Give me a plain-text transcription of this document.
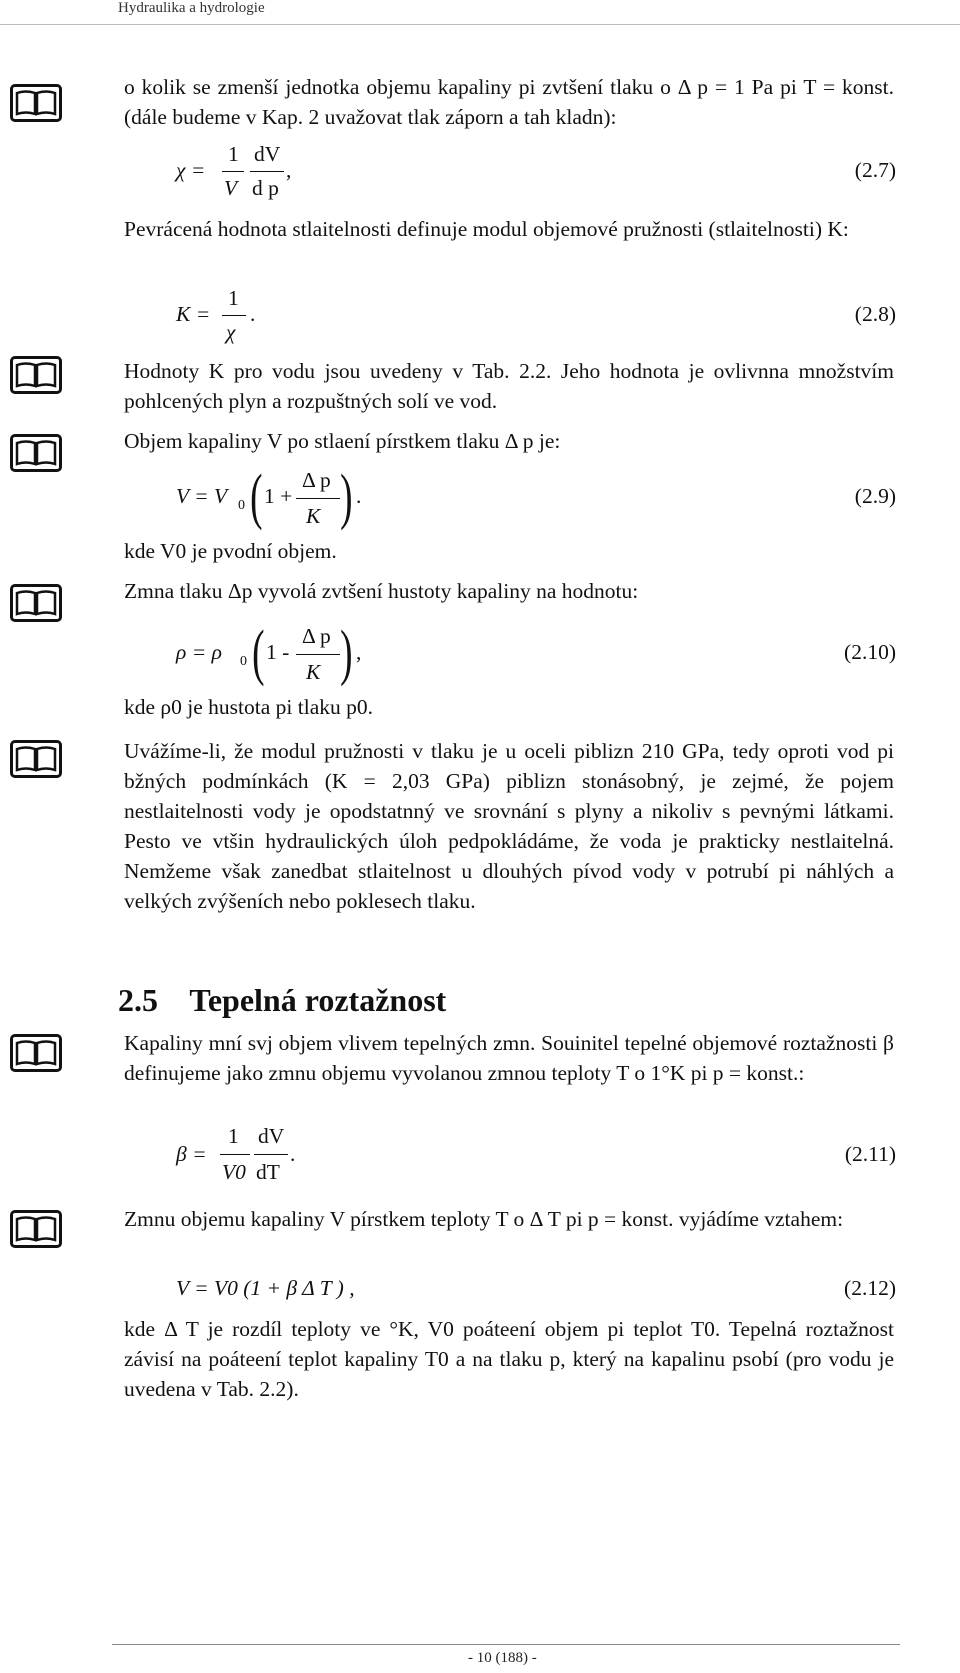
Hydraulika a hydrologie

o kolik se zmenší jednotka objemu kapaliny pi zvtšení tlaku o Δ p = 1 Pa pi T = konst. (dále budeme v Kap. 2 uvažovat tlak záporn a tah kladn):

χ =
1
V
dV
d p
,	(2.7)

Pevrácená hodnota stlaitelnosti definuje modul objemové pružnosti (stlaitelnosti) K:

K =
1
χ
.	(2.8)

Hodnoty K pro vodu jsou uvedeny v Tab. 2.2. Jeho hodnota je ovlivnna množstvím pohlcených plyn a rozpuštných solí ve vod.

Objem kapaliny V po stlaení pírstkem tlaku Δ p je:

V = V 0 ( 1 +
Δ p
K ) .	(2.9)

kde V0 je pvodní objem.

Zmna tlaku Δp vyvolá zvtšení hustoty kapaliny na hodnotu:

ρ = ρ 0 ( 1 -
Δ p
K ) ,	(2.10)

kde ρ0 je hustota pi tlaku p0.

Uvážíme-li, že modul pružnosti v tlaku je u oceli piblizn 210 GPa, tedy oproti vod pi bžných podmínkách (K = 2,03 GPa) piblizn stonásobný, je zejmé, že pojem nestlaitelnosti vody je opodstatnný ve srovnání s plyny a nikoliv s pevnými látkami. Pesto ve vtšin hydraulických úloh pedpokládáme, že voda je prakticky nestlaitelná. Nemžeme však zanedbat stlaitelnost u dlouhých pívod vody v potrubí pi náhlých a velkých zvýšeních nebo poklesech tlaku.

2.5 Tepelná roztažnost

Kapaliny mní svj objem vlivem tepelných zmn. Souinitel tepelné objemové roztažnosti β definujeme jako zmnu objemu vyvolanou zmnou teploty T o 1°K pi p = konst.:

β =
1
V0
dV
dT
.	(2.11)

Zmnu objemu kapaliny V pírstkem teploty T o Δ T pi p = konst. vyjádíme vztahem:

V = V0 (1 + β Δ T ) ,	(2.12)

kde Δ T je rozdíl teploty ve °K, V0 poáteení objem pi teplot T0. Tepelná roztažnost závisí na poáteení teplot kapaliny T0 a na tlaku p, který na kapalinu psobí (pro vodu je uvedena v Tab. 2.2).

- 10 (188) -
